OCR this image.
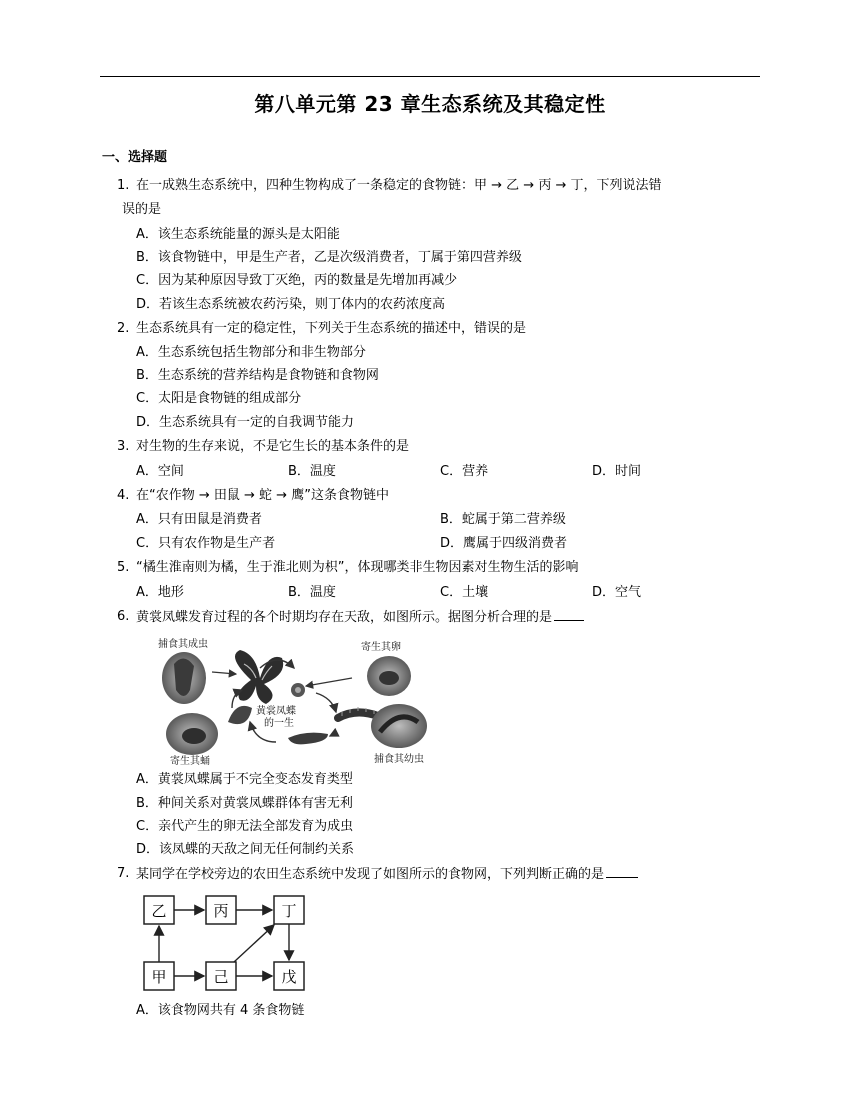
第八单元第 23 章生态系统及其稳定性
一、选择题
1. 在一成熟生态系统中，四种生物构成了一条稳定的食物链：甲 → 乙 → 丙 → 丁，下列说法错
误的是
A．该生态系统能量的源头是太阳能
B．该食物链中，甲是生产者，乙是次级消费者，丁属于第四营养级
C．因为某种原因导致丁灭绝，丙的数量是先增加再减少
D．若该生态系统被农药污染，则丁体内的农药浓度高
2. 生态系统具有一定的稳定性，下列关于生态系统的描述中，错误的是
A．生态系统包括生物部分和非生物部分
B．生态系统的营养结构是食物链和食物网
C．太阳是食物链的组成部分
D．生态系统具有一定的自我调节能力
3. 对生物的生存来说，不是它生长的基本条件的是
A．空间	B．温度	C．营养	D．时间
4. 在“农作物 → 田鼠 → 蛇 → 鹰”这条食物链中
A．只有田鼠是消费者	B．蛇属于第二营养级
C．只有农作物是生产者	D．鹰属于四级消费者
5. “橘生淮南则为橘，生于淮北则为枳”，体现哪类非生物因素对生物生活的影响
A．地形	B．温度	C．土壤	D．空气
6. 黄裳凤蝶发育过程的各个时期均存在天敌，如图所示。据图分析合理的是
捕食其成虫	寄生其卵
黄裳凤蝶
的一生
寄生其蛹	捕食其幼虫
A．黄裳凤蝶属于不完全变态发育类型
B．种间关系对黄裳凤蝶群体有害无利
C．亲代产生的卵无法全部发育为成虫
D．该凤蝶的天敌之间无任何制约关系
7. 某同学在学校旁边的农田生态系统中发现了如图所示的食物网，下列判断正确的是
乙	丙	丁
甲	己	戊
A．该食物网共有 4 条食物链
